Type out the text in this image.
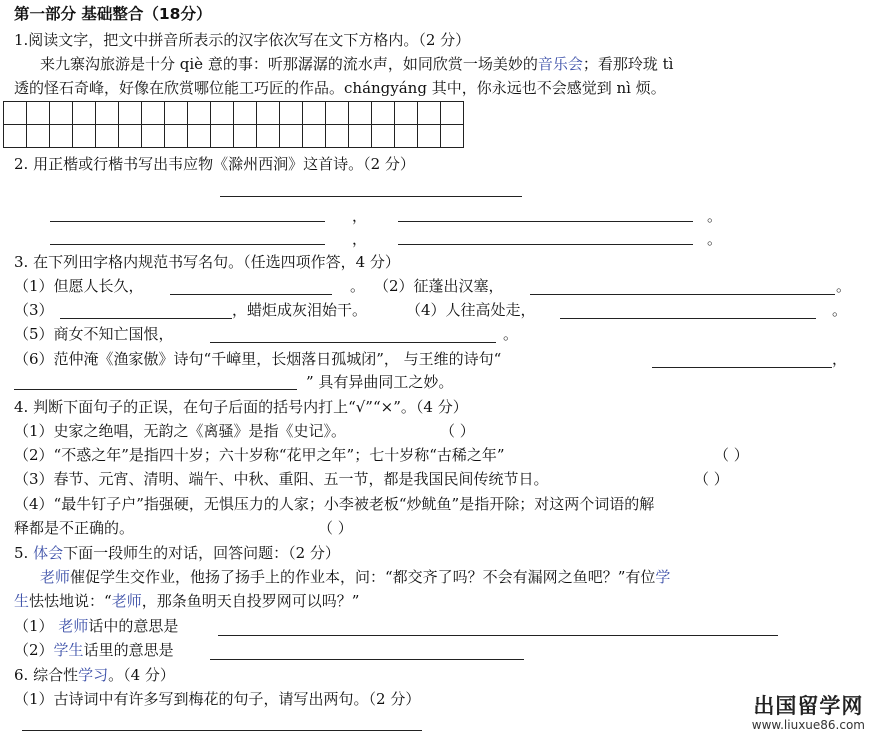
第一部分 基础整合（18分）
1.阅读文字，把文中拼音所表示的汉字依次写在文下方格内。（2 分）
来九寨沟旅游是十分 qiè 意的事：听那潺潺的流水声，如同欣赏一场美妙的音乐会；看那玲珑 tì
透的怪石奇峰，好像在欣赏哪位能工巧匠的作品。chángyáng 其中，你永远也不会感觉到 nì 烦。

2. 用正楷或行楷书写出韦应物《滁州西涧》这首诗。（2 分）
，	。
，	。
3. 在下列田字格内规范书写名句。（任选四项作答，4 分）
（1）但愿人长久，	。 （2）征蓬出汉塞，	。
（3）	，蜡炬成灰泪始干。	（4）人往高处走，	。
（5）商女不知亡国恨，	。
（6）范仲淹《渔家傲》诗句“千嶂里，长烟落日孤城闭”， 与王维的诗句“	，
” 具有异曲同工之妙。
4. 判断下面句子的正误，在句子后面的括号内打上“√”“×”。（4 分）
（1）史家之绝唱，无韵之《离骚》是指《史记》。	（ ）
（2）“不惑之年”是指四十岁；六十岁称“花甲之年”；七十岁称“古稀之年”	（ ）
（3）春节、元宵、清明、端午、中秋、重阳、五一节，都是我国民间传统节日。	（ ）
（4）“最牛钉子户”指强硬，无惧压力的人家；小李被老板“炒鱿鱼”是指开除；对这两个词语的解
释都是不正确的。	（ ）
5. 体会下面一段师生的对话，回答问题：（2 分）
老师催促学生交作业，他扬了扬手上的作业本，问：“都交齐了吗？不会有漏网之鱼吧？”有位学
生怯怯地说：“老师，那条鱼明天自投罗网可以吗？”
（1） 老师话中的意思是
（2）学生话里的意思是
6. 综合性学习。（4 分）
（1）古诗词中有许多写到梅花的句子，请写出两句。（2 分）	出国留学网
www.liuxue86.com
